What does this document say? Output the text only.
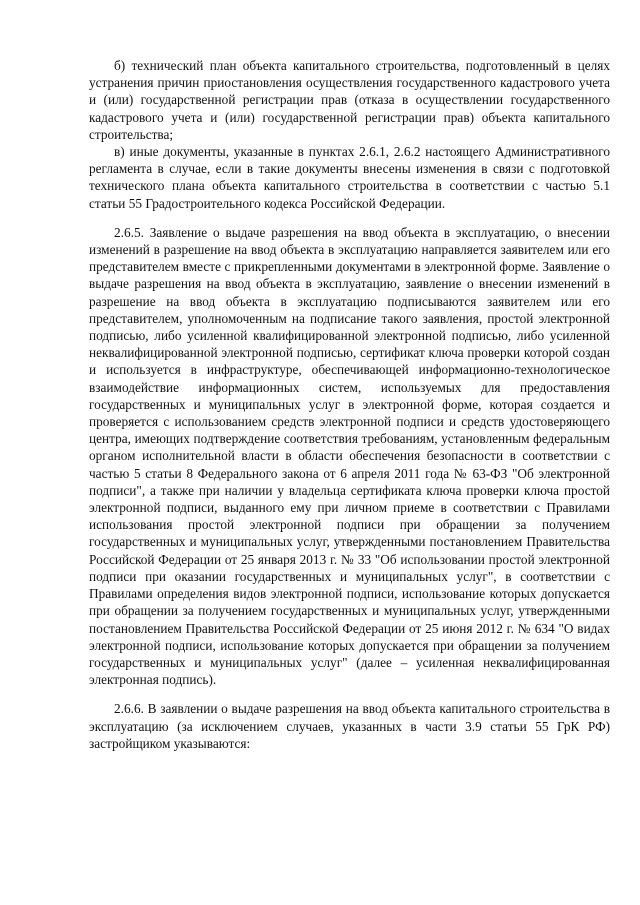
б) технический план объекта капитального строительства, подготовленный в целях устранения причин приостановления осуществления государственного кадастрового учета и (или) государственной регистрации прав (отказа в осуществлении государственного кадастрового учета и (или) государственной регистрации прав) объекта капитального строительства;

в) иные документы, указанные в пунктах 2.6.1, 2.6.2 настоящего Административного регламента в случае, если в такие документы внесены изменения в связи с подготовкой технического плана объекта капитального строительства в соответствии с частью 5.1 статьи 55 Градостроительного кодекса Российской Федерации.

2.6.5. Заявление о выдаче разрешения на ввод объекта в эксплуатацию, о внесении изменений в разрешение на ввод объекта в эксплуатацию направляется заявителем или его представителем вместе с прикрепленными документами в электронной форме. Заявление о выдаче разрешения на ввод объекта в эксплуатацию, заявление о внесении изменений в разрешение на ввод объекта в эксплуатацию подписываются заявителем или его представителем, уполномоченным на подписание такого заявления, простой электронной подписью, либо усиленной квалифицированной электронной подписью, либо усиленной неквалифицированной электронной подписью, сертификат ключа проверки которой создан и используется в инфраструктуре, обеспечивающей информационно-технологическое взаимодействие информационных систем, используемых для предоставления государственных и муниципальных услуг в электронной форме, которая создается и проверяется с использованием средств электронной подписи и средств удостоверяющего центра, имеющих подтверждение соответствия требованиям, установленным федеральным органом исполнительной власти в области обеспечения безопасности в соответствии с частью 5 статьи 8 Федерального закона от 6 апреля 2011 года № 63-ФЗ "Об электронной подписи", а также при наличии у владельца сертификата ключа проверки ключа простой электронной подписи, выданного ему при личном приеме в соответствии с Правилами использования простой электронной подписи при обращении за получением государственных и муниципальных услуг, утвержденными постановлением Правительства Российской Федерации от 25 января 2013 г. № 33 "Об использовании простой электронной подписи при оказании государственных и муниципальных услуг", в соответствии с Правилами определения видов электронной подписи, использование которых допускается при обращении за получением государственных и муниципальных услуг, утвержденными постановлением Правительства Российской Федерации от 25 июня 2012 г. № 634 "О видах электронной подписи, использование которых допускается при обращении за получением государственных и муниципальных услуг" (далее – усиленная неквалифицированная электронная подпись).

2.6.6. В заявлении о выдаче разрешения на ввод объекта капитального строительства в эксплуатацию (за исключением случаев, указанных в части 3.9 статьи 55 ГрК РФ) застройщиком указываются:
